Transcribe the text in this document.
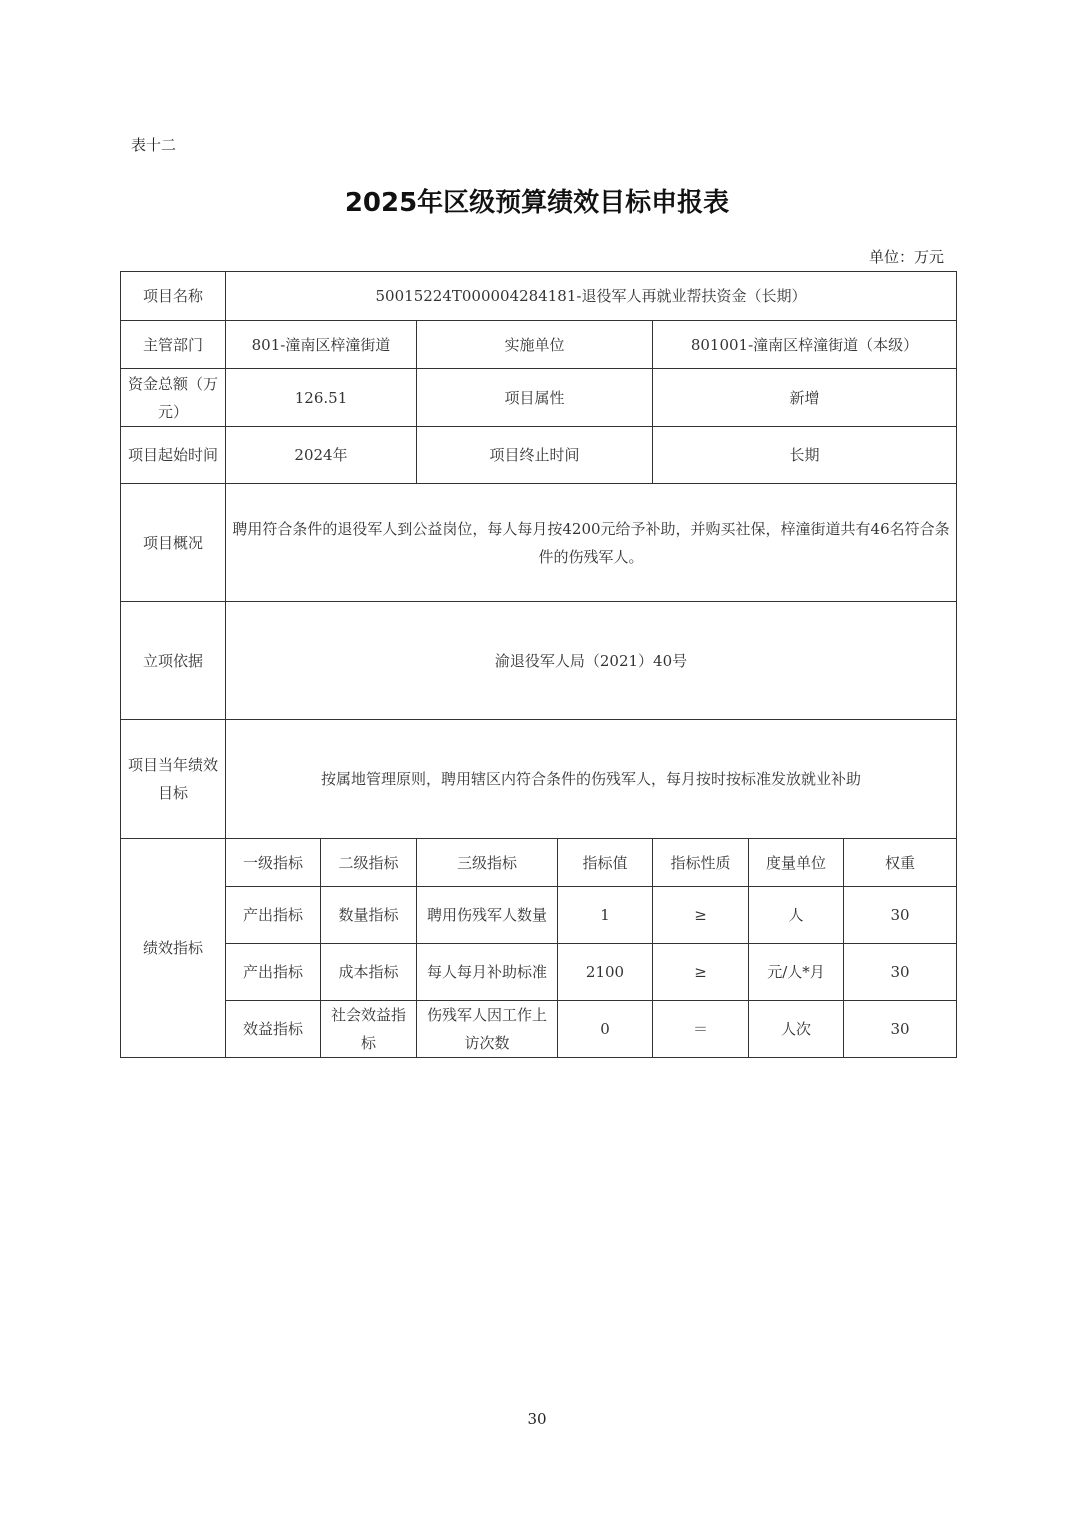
表十二
2025年区级预算绩效目标申报表
单位：万元
项目名称	50015224T000004284181-退役军人再就业帮扶资金（长期）						
主管部门	801-潼南区梓潼街道		实施单位		801001-潼南区梓潼街道（本级）		
资金总额（万元）	126.51		项目属性		新增		
项目起始时间	2024年		项目终止时间		长期		
项目概况	聘用符合条件的退役军人到公益岗位，每人每月按4200元给予补助，并购买社保，梓潼街道共有46名符合条件的伤残军人。						
立项依据	渝退役军人局（2021）40号						
项目当年绩效目标	按属地管理原则，聘用辖区内符合条件的伤残军人，每月按时按标准发放就业补助						
绩效指标	一级指标	二级指标	三级指标	指标值	指标性质	度量单位	权重
	产出指标	数量指标	聘用伤残军人数量	1	≥	人	30
	产出指标	成本指标	每人每月补助标准	2100	≥	元/人*月	30
	效益指标	社会效益指标	伤残军人因工作上访次数	0	＝	人次	30
30
